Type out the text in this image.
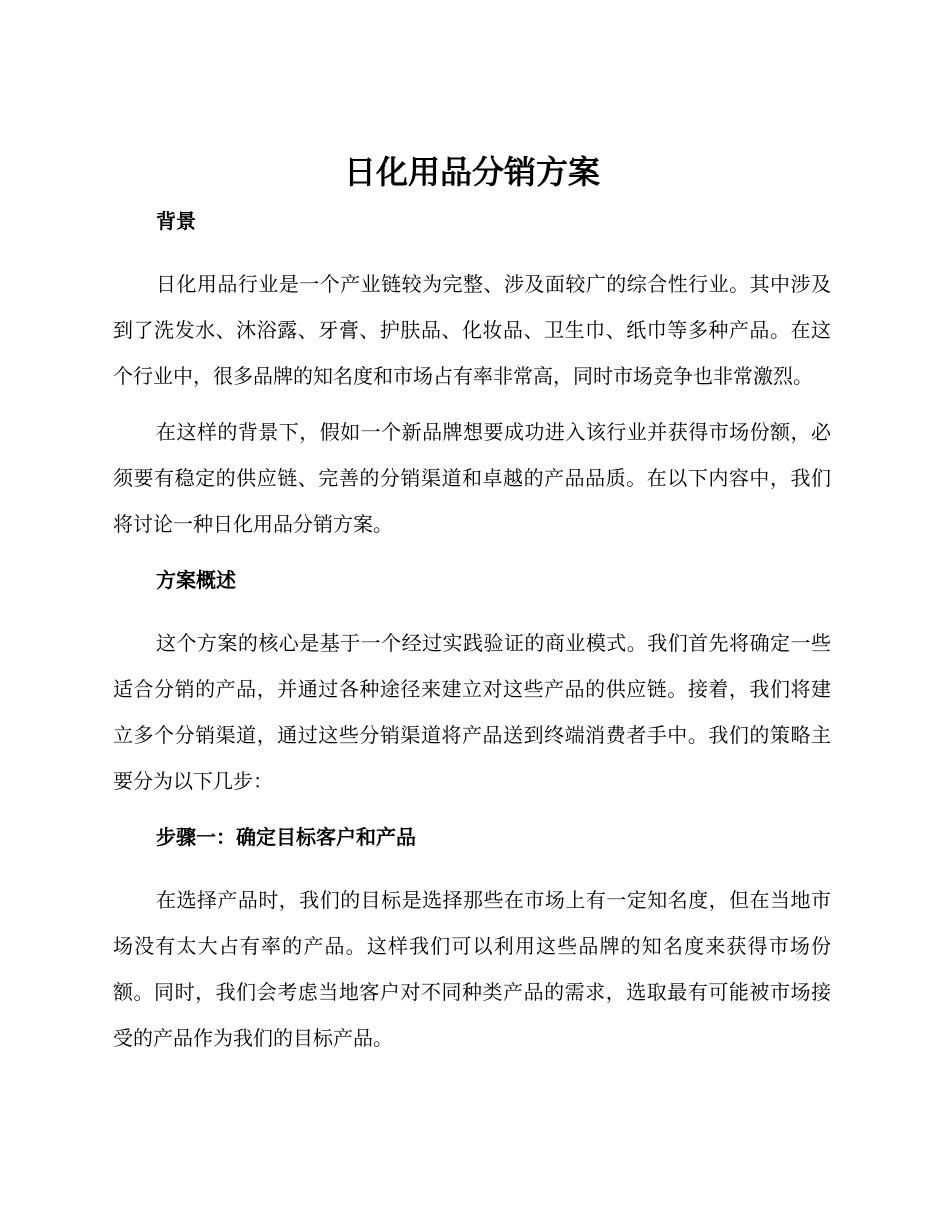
日化用品分销方案
背景

日化用品行业是一个产业链较为完整、涉及面较广的综合性行业。其中涉及到了洗发水、沐浴露、牙膏、护肤品、化妆品、卫生巾、纸巾等多种产品。在这个行业中，很多品牌的知名度和市场占有率非常高，同时市场竞争也非常激烈。

在这样的背景下，假如一个新品牌想要成功进入该行业并获得市场份额，必须要有稳定的供应链、完善的分销渠道和卓越的产品品质。在以下内容中，我们将讨论一种日化用品分销方案。

方案概述

这个方案的核心是基于一个经过实践验证的商业模式。我们首先将确定一些适合分销的产品，并通过各种途径来建立对这些产品的供应链。接着，我们将建立多个分销渠道，通过这些分销渠道将产品送到终端消费者手中。我们的策略主要分为以下几步：

步骤一：确定目标客户和产品

在选择产品时，我们的目标是选择那些在市场上有一定知名度，但在当地市场没有太大占有率的产品。这样我们可以利用这些品牌的知名度来获得市场份额。同时，我们会考虑当地客户对不同种类产品的需求，选取最有可能被市场接受的产品作为我们的目标产品。
